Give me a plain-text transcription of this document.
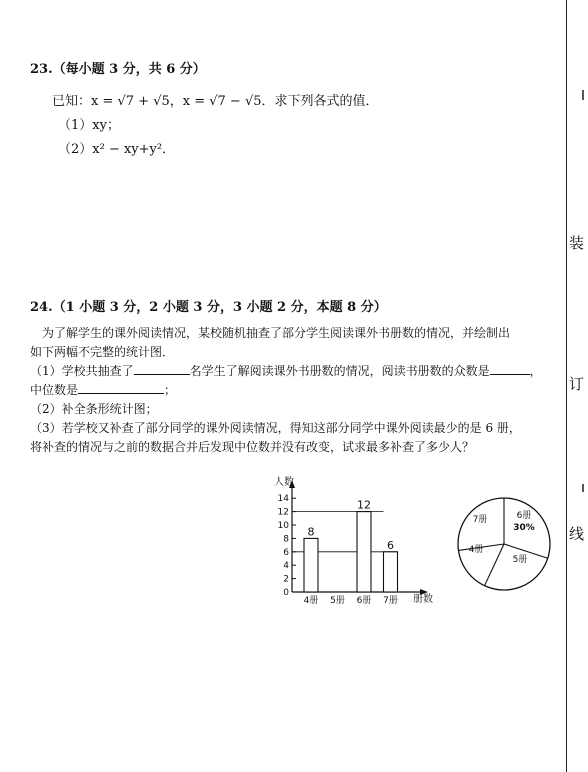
装
订
线
23.（每小题 3 分，共 6 分）
已知：x = √7 + √5，x = √7 − √5．求下列各式的值．
（1）xy；
（2）x² − xy+y²．
24.（1 小题 3 分，2 小题 3 分，3 小题 2 分，本题 8 分）
为了解学生的课外阅读情况，某校随机抽查了部分学生阅读课外书册数的情况，并绘制出
如下两幅不完整的统计图．
（1）学校共抽查了	名学生了解阅读课外书册数的情况，阅读书册数的众数是	，
中位数是	；
（2）补全条形统计图；
（3）若学校又补查了部分同学的课外阅读情况，得知这部分同学中课外阅读最少的是 6 册，
将补查的情况与之前的数据合并后发现中位数并没有改变，试求最多补查了多少人？
人数
册数
0
2
4
6
8
10
12
14
8
4册 5册
12
6册
6
7册
6册
30%
5册
4册
7册
